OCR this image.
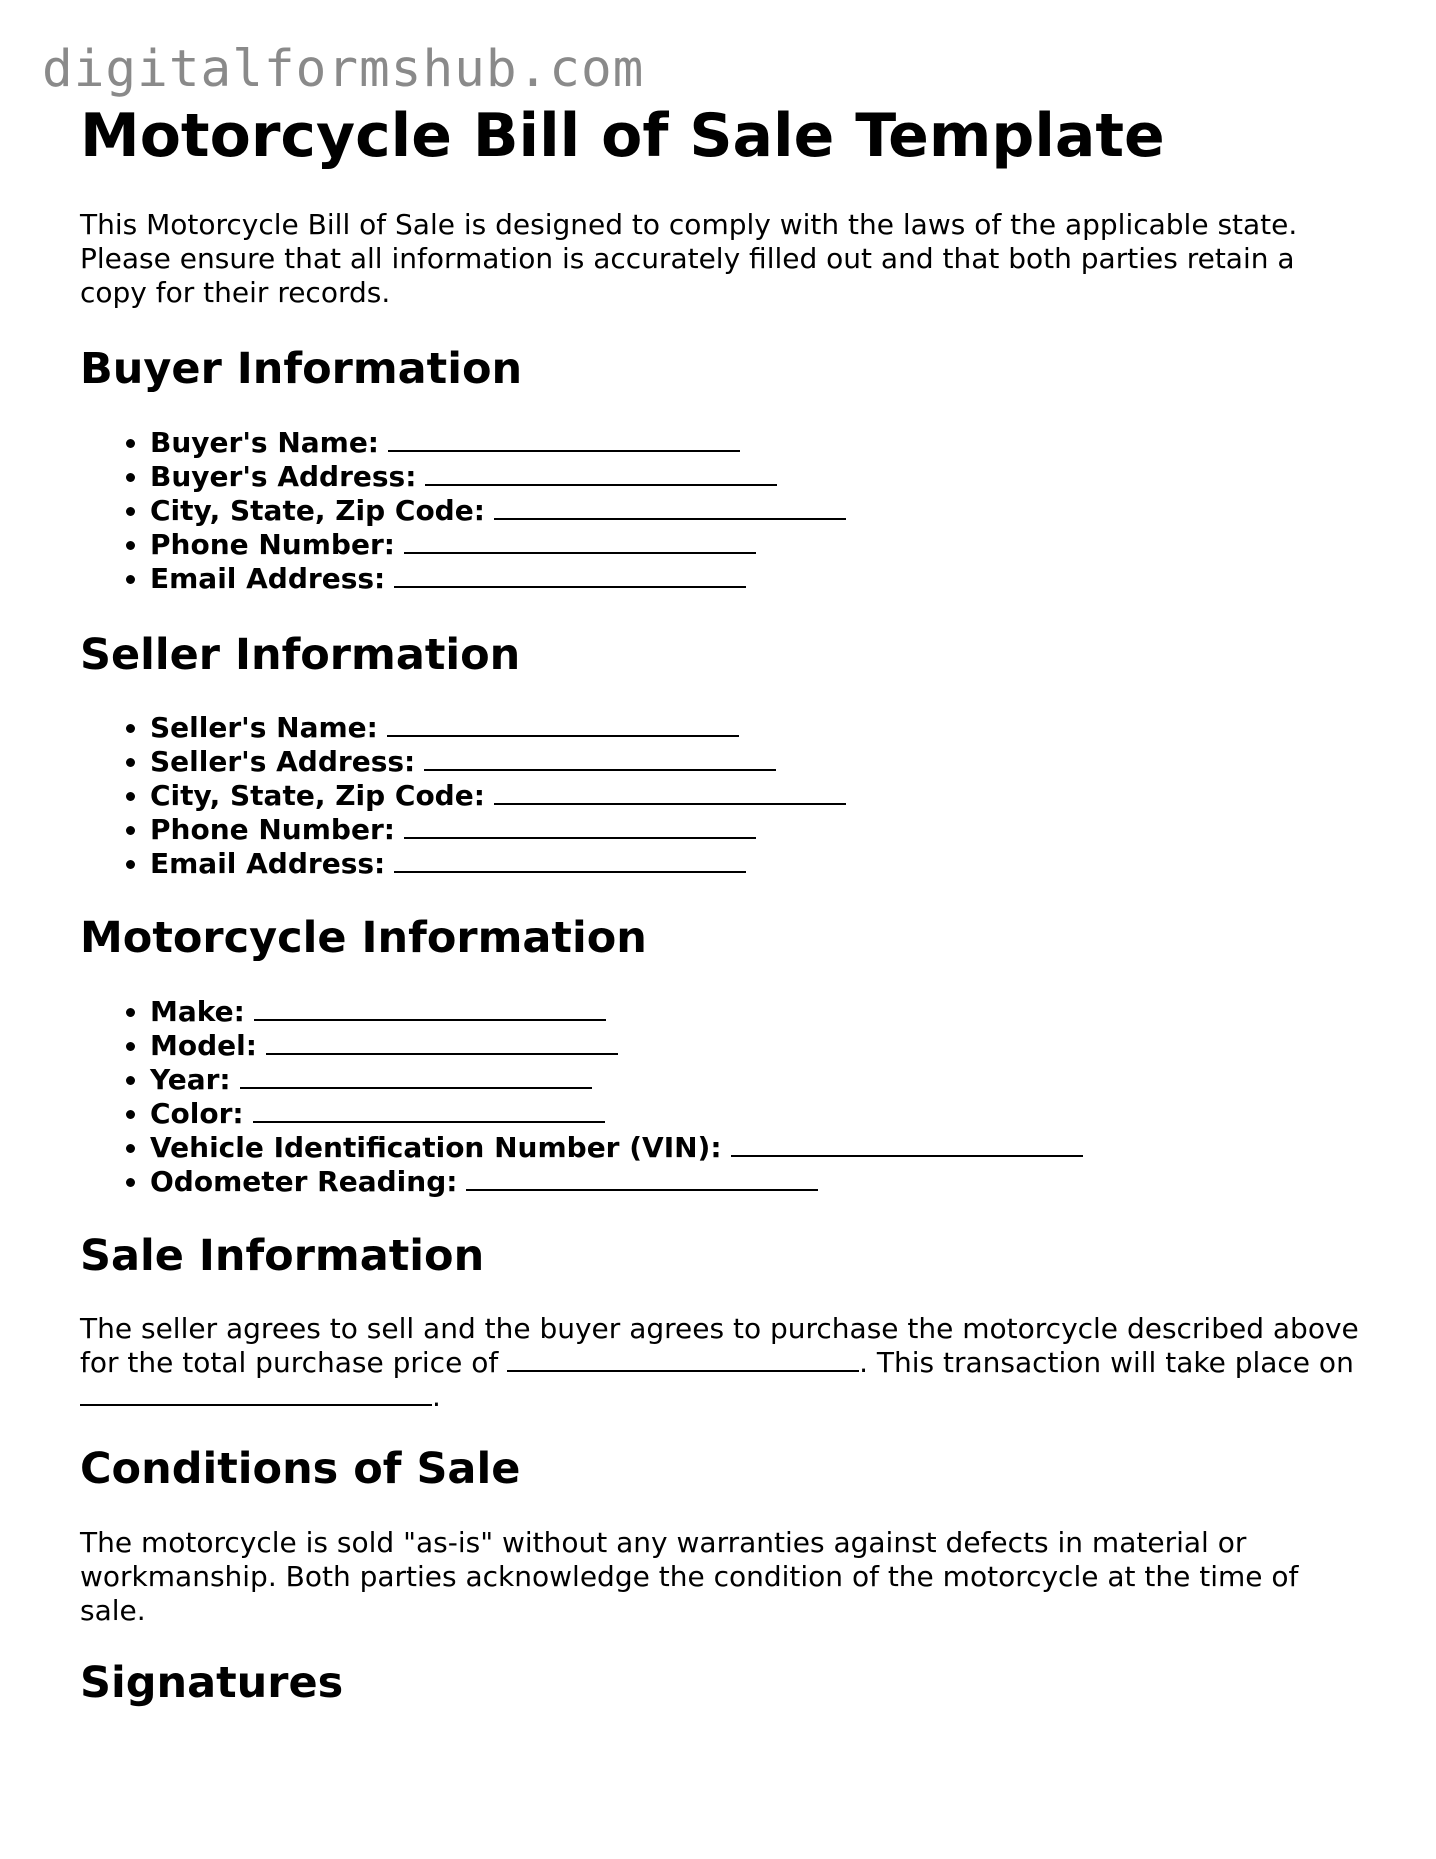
digitalformshub.com
Motorcycle Bill of Sale Template

This Motorcycle Bill of Sale is designed to comply with the laws of the applicable state. Please ensure that all information is accurately filled out and that both parties retain a copy for their records.

Buyer Information
• Buyer's Name:
• Buyer's Address:
• City, State, Zip Code:
• Phone Number:
• Email Address:
Seller Information
• Seller's Name:
• Seller's Address:
• City, State, Zip Code:
• Phone Number:
• Email Address:
Motorcycle Information
• Make:
• Model:
• Year:
• Color:
• Vehicle Identification Number (VIN):
• Odometer Reading:
Sale Information

The seller agrees to sell and the buyer agrees to purchase the motorcycle described above for the total purchase price of	. This transaction will take place on .

Conditions of Sale

The motorcycle is sold "as-is" without any warranties against defects in material or workmanship. Both parties acknowledge the condition of the motorcycle at the time of sale.

Signatures
